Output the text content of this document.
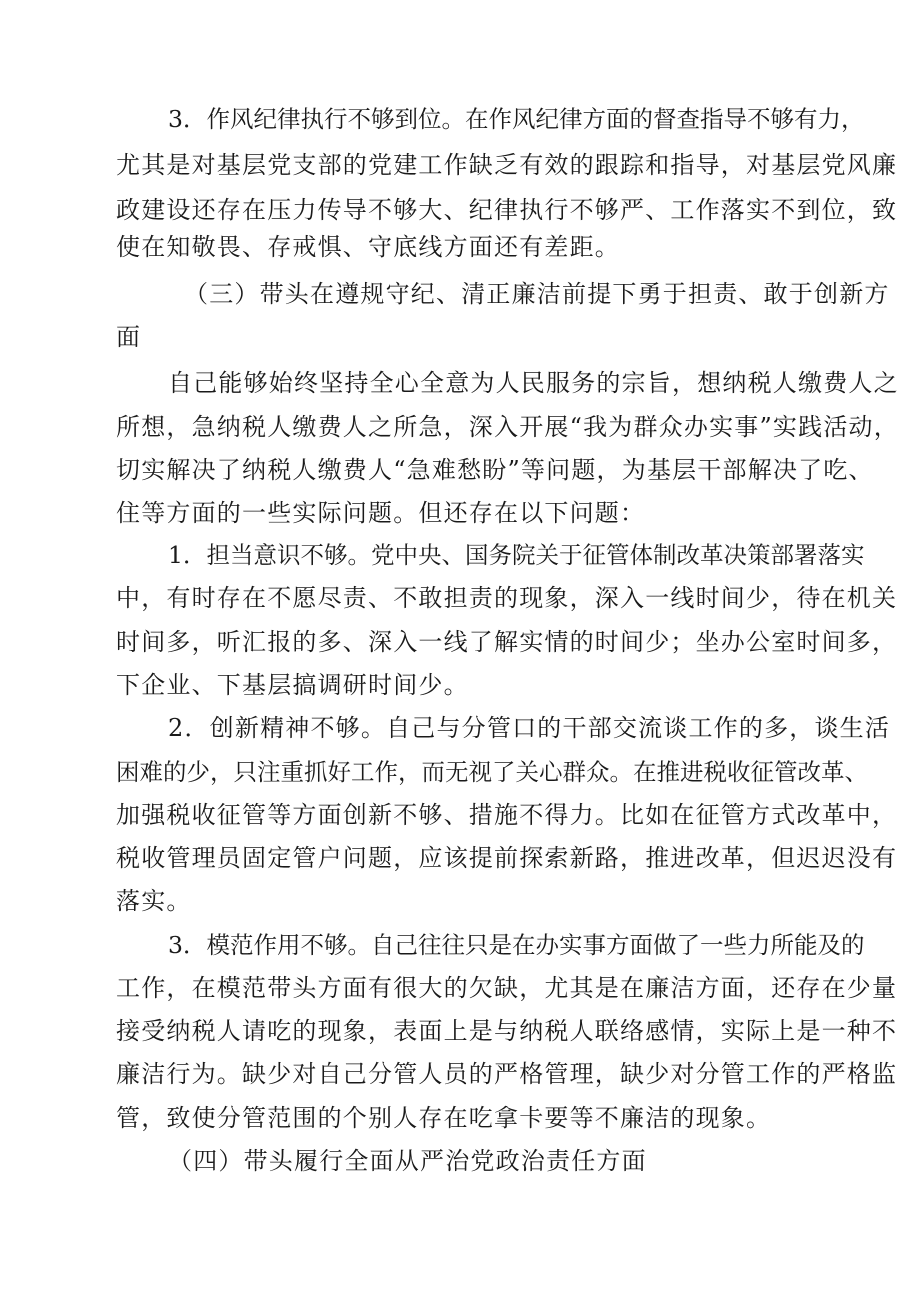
3．作风纪律执行不够到位。在作风纪律方面的督查指导不够有力，
尤其是对基层党支部的党建工作缺乏有效的跟踪和指导，对基层党风廉
政建设还存在压力传导不够大、纪律执行不够严、工作落实不到位，致
使在知敬畏、存戒惧、守底线方面还有差距。
（三）带头在遵规守纪、清正廉洁前提下勇于担责、敢于创新方
面
自己能够始终坚持全心全意为人民服务的宗旨，想纳税人缴费人之
所想，急纳税人缴费人之所急，深入开展“我为群众办实事”实践活动，
切实解决了纳税人缴费人“急难愁盼”等问题，为基层干部解决了吃、
住等方面的一些实际问题。但还存在以下问题：
1．担当意识不够。党中央、国务院关于征管体制改革决策部署落实
中，有时存在不愿尽责、不敢担责的现象，深入一线时间少，待在机关
时间多，听汇报的多、深入一线了解实情的时间少；坐办公室时间多，
下企业、下基层搞调研时间少。
2．创新精神不够。自己与分管口的干部交流谈工作的多，谈生活
困难的少，只注重抓好工作，而无视了关心群众。在推进税收征管改革、
加强税收征管等方面创新不够、措施不得力。比如在征管方式改革中，
税收管理员固定管户问题，应该提前探索新路，推进改革，但迟迟没有
落实。
3．模范作用不够。自己往往只是在办实事方面做了一些力所能及的
工作，在模范带头方面有很大的欠缺，尤其是在廉洁方面，还存在少量
接受纳税人请吃的现象，表面上是与纳税人联络感情，实际上是一种不
廉洁行为。缺少对自己分管人员的严格管理，缺少对分管工作的严格监
管，致使分管范围的个别人存在吃拿卡要等不廉洁的现象。
（四）带头履行全面从严治党政治责任方面
